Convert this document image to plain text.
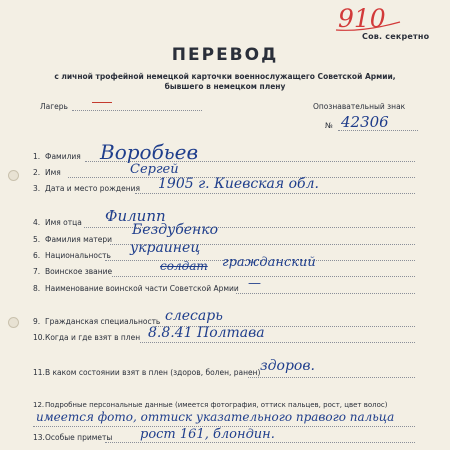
910
Сов. секретно
ПЕРЕВОД
с личной трофейной немецкой карточки военнослужащего Советской Армии,
бывшего в немецком плену
Лагерь	Опознавательный знак
№ 42306
1. Фамилия Воробьев
2. Имя	Сергей
3. Дата и место рождения 1905 г. Киевская обл.
4. Имя отца Филипп
5. Фамилия матери
Бездубенко
6. Национальность украинец
7. Воинское звание	солдат гражданский
8. Наименование воинской части Советской Армии —
9. Гражданская специальность слесарь
10. Когда и где взят в плен 8.8.41 Полтава
11. В каком состоянии взят в плен (здоров, болен, ранен) здоров.
12. Подробные персональные данные (имеется фотография, оттиск пальцев, рост, цвет волос)
имеется фото, оттиск указательного правого пальца
13. Особые приметы рост 161, блондин.
